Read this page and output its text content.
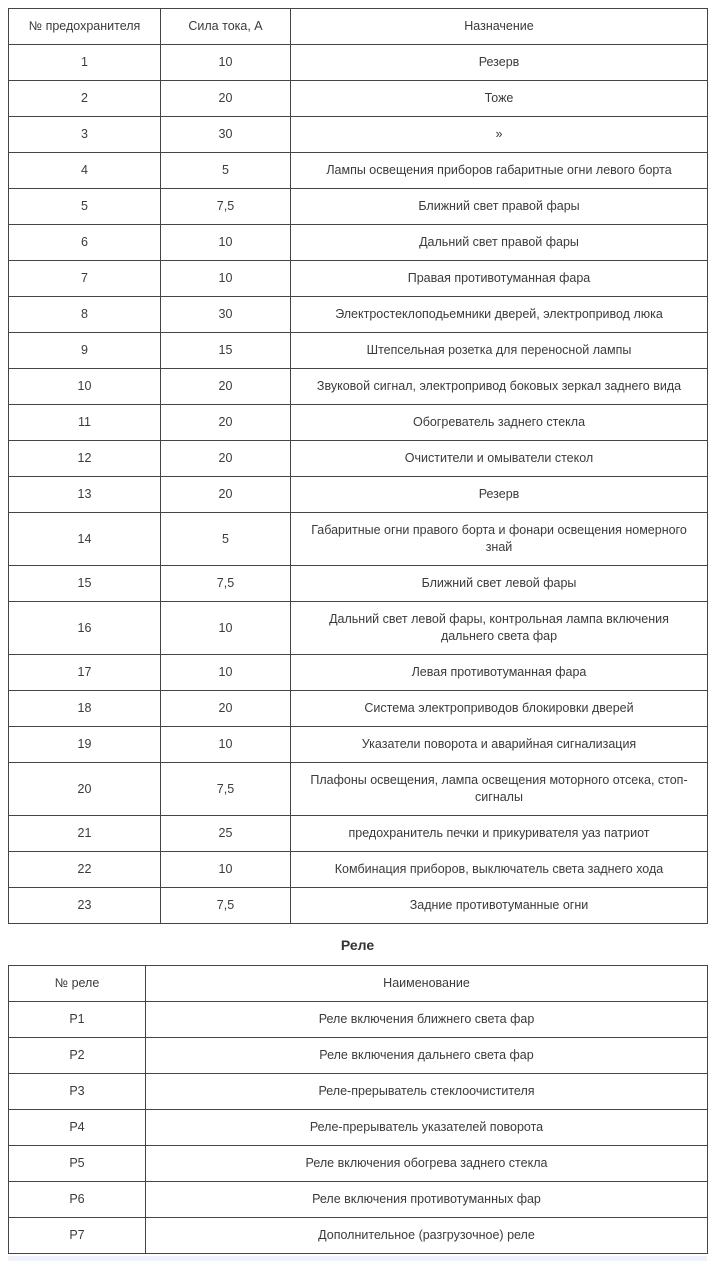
№ предохранителя	Сила тока, А	Назначение
1	10	Резерв
2	20	Тоже
3	30	»
4	5	Лампы освещения приборов габаритные огни левого борта
5	7,5	Ближний свет правой фары
6	10	Дальний свет правой фары
7	10	Правая противотуманная фара
8	30	Электростеклоподьемники дверей, электропривод люка
9	15	Штепсельная розетка для переносной лампы
10	20	Звуковой сигнал, электропривод боковых зеркал заднего вида
11	20	Обогреватель заднего стекла
12	20	Очистители и омыватели стекол
13	20	Резерв
14	5	Габаритные огни правого борта и фонари освещения номерного знай
15	7,5	Ближний свет левой фары
16	10	Дальний свет левой фары, контрольная лампа включения дальнего света фар
17	10	Левая противотуманная фара
18	20	Система электроприводов блокировки дверей
19	10	Указатели поворота и аварийная сигнализация
20	7,5	Плафоны освещения, лампа освещения моторного отсека, стоп-сигналы
21	25	предохранитель печки и прикуривателя уаз патриот
22	10	Комбинация приборов, выключатель света заднего хода
23	7,5	Задние противотуманные огни
Реле
№ реле	Наименование
Р1	Реле включения ближнего света фар
Р2	Реле включения дальнего света фар
Р3	Реле-прерыватель стеклоочистителя
Р4	Реле-прерыватель указателей поворота
Р5	Реле включения обогрева заднего стекла
Р6	Реле включения противотуманных фар
Р7	Дополнительное (разгрузочное) реле
